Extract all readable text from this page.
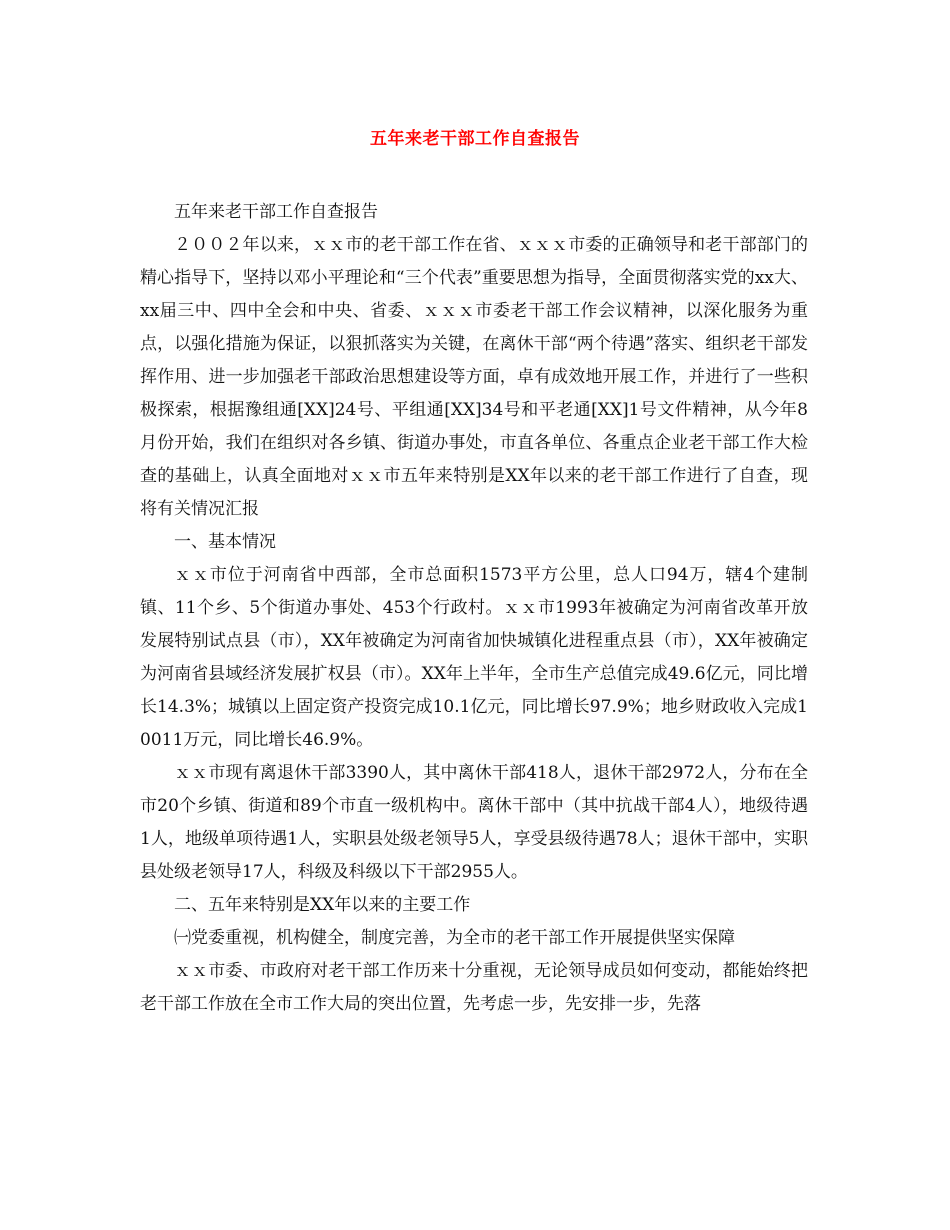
五年来老干部工作自查报告

五年来老干部工作自查报告

２００２年以来，ｘｘ市的老干部工作在省、ｘｘｘ市委的正确领导和老干部部门的精心指导下，坚持以邓小平理论和“三个代表”重要思想为指导，全面贯彻落实党的xx大、xx届三中、四中全会和中央、省委、ｘｘｘ市委老干部工作会议精神，以深化服务为重点，以强化措施为保证，以狠抓落实为关键，在离休干部“两个待遇”落实、组织老干部发挥作用、进一步加强老干部政治思想建设等方面，卓有成效地开展工作，并进行了一些积极探索，根据豫组通[XX]24号、平组通[XX]34号和平老通[XX]1号文件精神，从今年8月份开始，我们在组织对各乡镇、街道办事处，市直各单位、各重点企业老干部工作大检查的基础上，认真全面地对ｘｘ市五年来特别是XX年以来的老干部工作进行了自查，现将有关情况汇报

一、基本情况

ｘｘ市位于河南省中西部，全市总面积1573平方公里，总人口94万，辖4个建制镇、11个乡、5个街道办事处、453个行政村。ｘｘ市1993年被确定为河南省改革开放发展特别试点县（市），XX年被确定为河南省加快城镇化进程重点县（市），XX年被确定为河南省县域经济发展扩权县（市）。XX年上半年，全市生产总值完成49.6亿元，同比增长14.3%；城镇以上固定资产投资完成10.1亿元，同比增长97.9%；地乡财政收入完成10011万元，同比增长46.9%。

ｘｘ市现有离退休干部3390人，其中离休干部418人，退休干部2972人，分布在全市20个乡镇、街道和89个市直一级机构中。离休干部中（其中抗战干部4人），地级待遇1人，地级单项待遇1人，实职县处级老领导5人，享受县级待遇78人；退休干部中，实职县处级老领导17人，科级及科级以下干部2955人。

二、五年来特别是XX年以来的主要工作

㈠党委重视，机构健全，制度完善，为全市的老干部工作开展提供坚实保障

ｘｘ市委、市政府对老干部工作历来十分重视，无论领导成员如何变动，都能始终把老干部工作放在全市工作大局的突出位置，先考虑一步，先安排一步，先落
